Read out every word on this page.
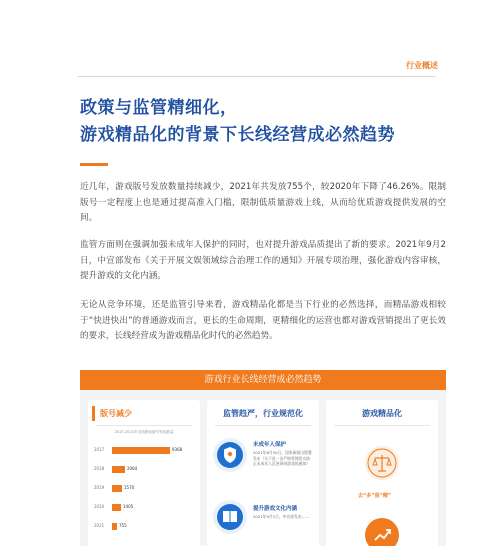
行业概述
政策与监管精细化，
游戏精品化的背景下长线经营成必然趋势

近几年，游戏版号发放数量持续减少，2021年共发放755个，较2020年下降了46.26%。限制版号一定程度上也是通过提高准入门槛，限制低质量游戏上线，从而给优质游戏提供发展的空间。

监管方面则在强调加强未成年人保护的同时，也对提升游戏品质提出了新的要求。2021年9月2日，中宣部发布《关于开展文娱领域综合治理工作的通知》开展专项治理，强化游戏内容审核，提升游戏的文化内涵。

无论从竞争环境，还是监管引导来看，游戏精品化都是当下行业的必然选择，而精品游戏相较于“快进快出”的普通游戏而言，更长的生命周期，更精细化的运营也都对游戏营销提出了更长效的要求，长线经营成为游戏精品化时代的必然趋势。

游戏行业长线经营成必然趋势
版号减少
2017-2021年全国游戏版号发放数量
2017	9368
2018	2064
2019	1570
2020	1405
2021	755
监管趋严，行业规范化
未成年人保护
2021年8月30日，国家新闻出版署发布《关于进一步严格管理切实防止未成年人沉迷网络游戏的通知》
提升游戏文化内涵
2021年9月2日，中宣部发布……
游戏精品化
去“多”留“精”
